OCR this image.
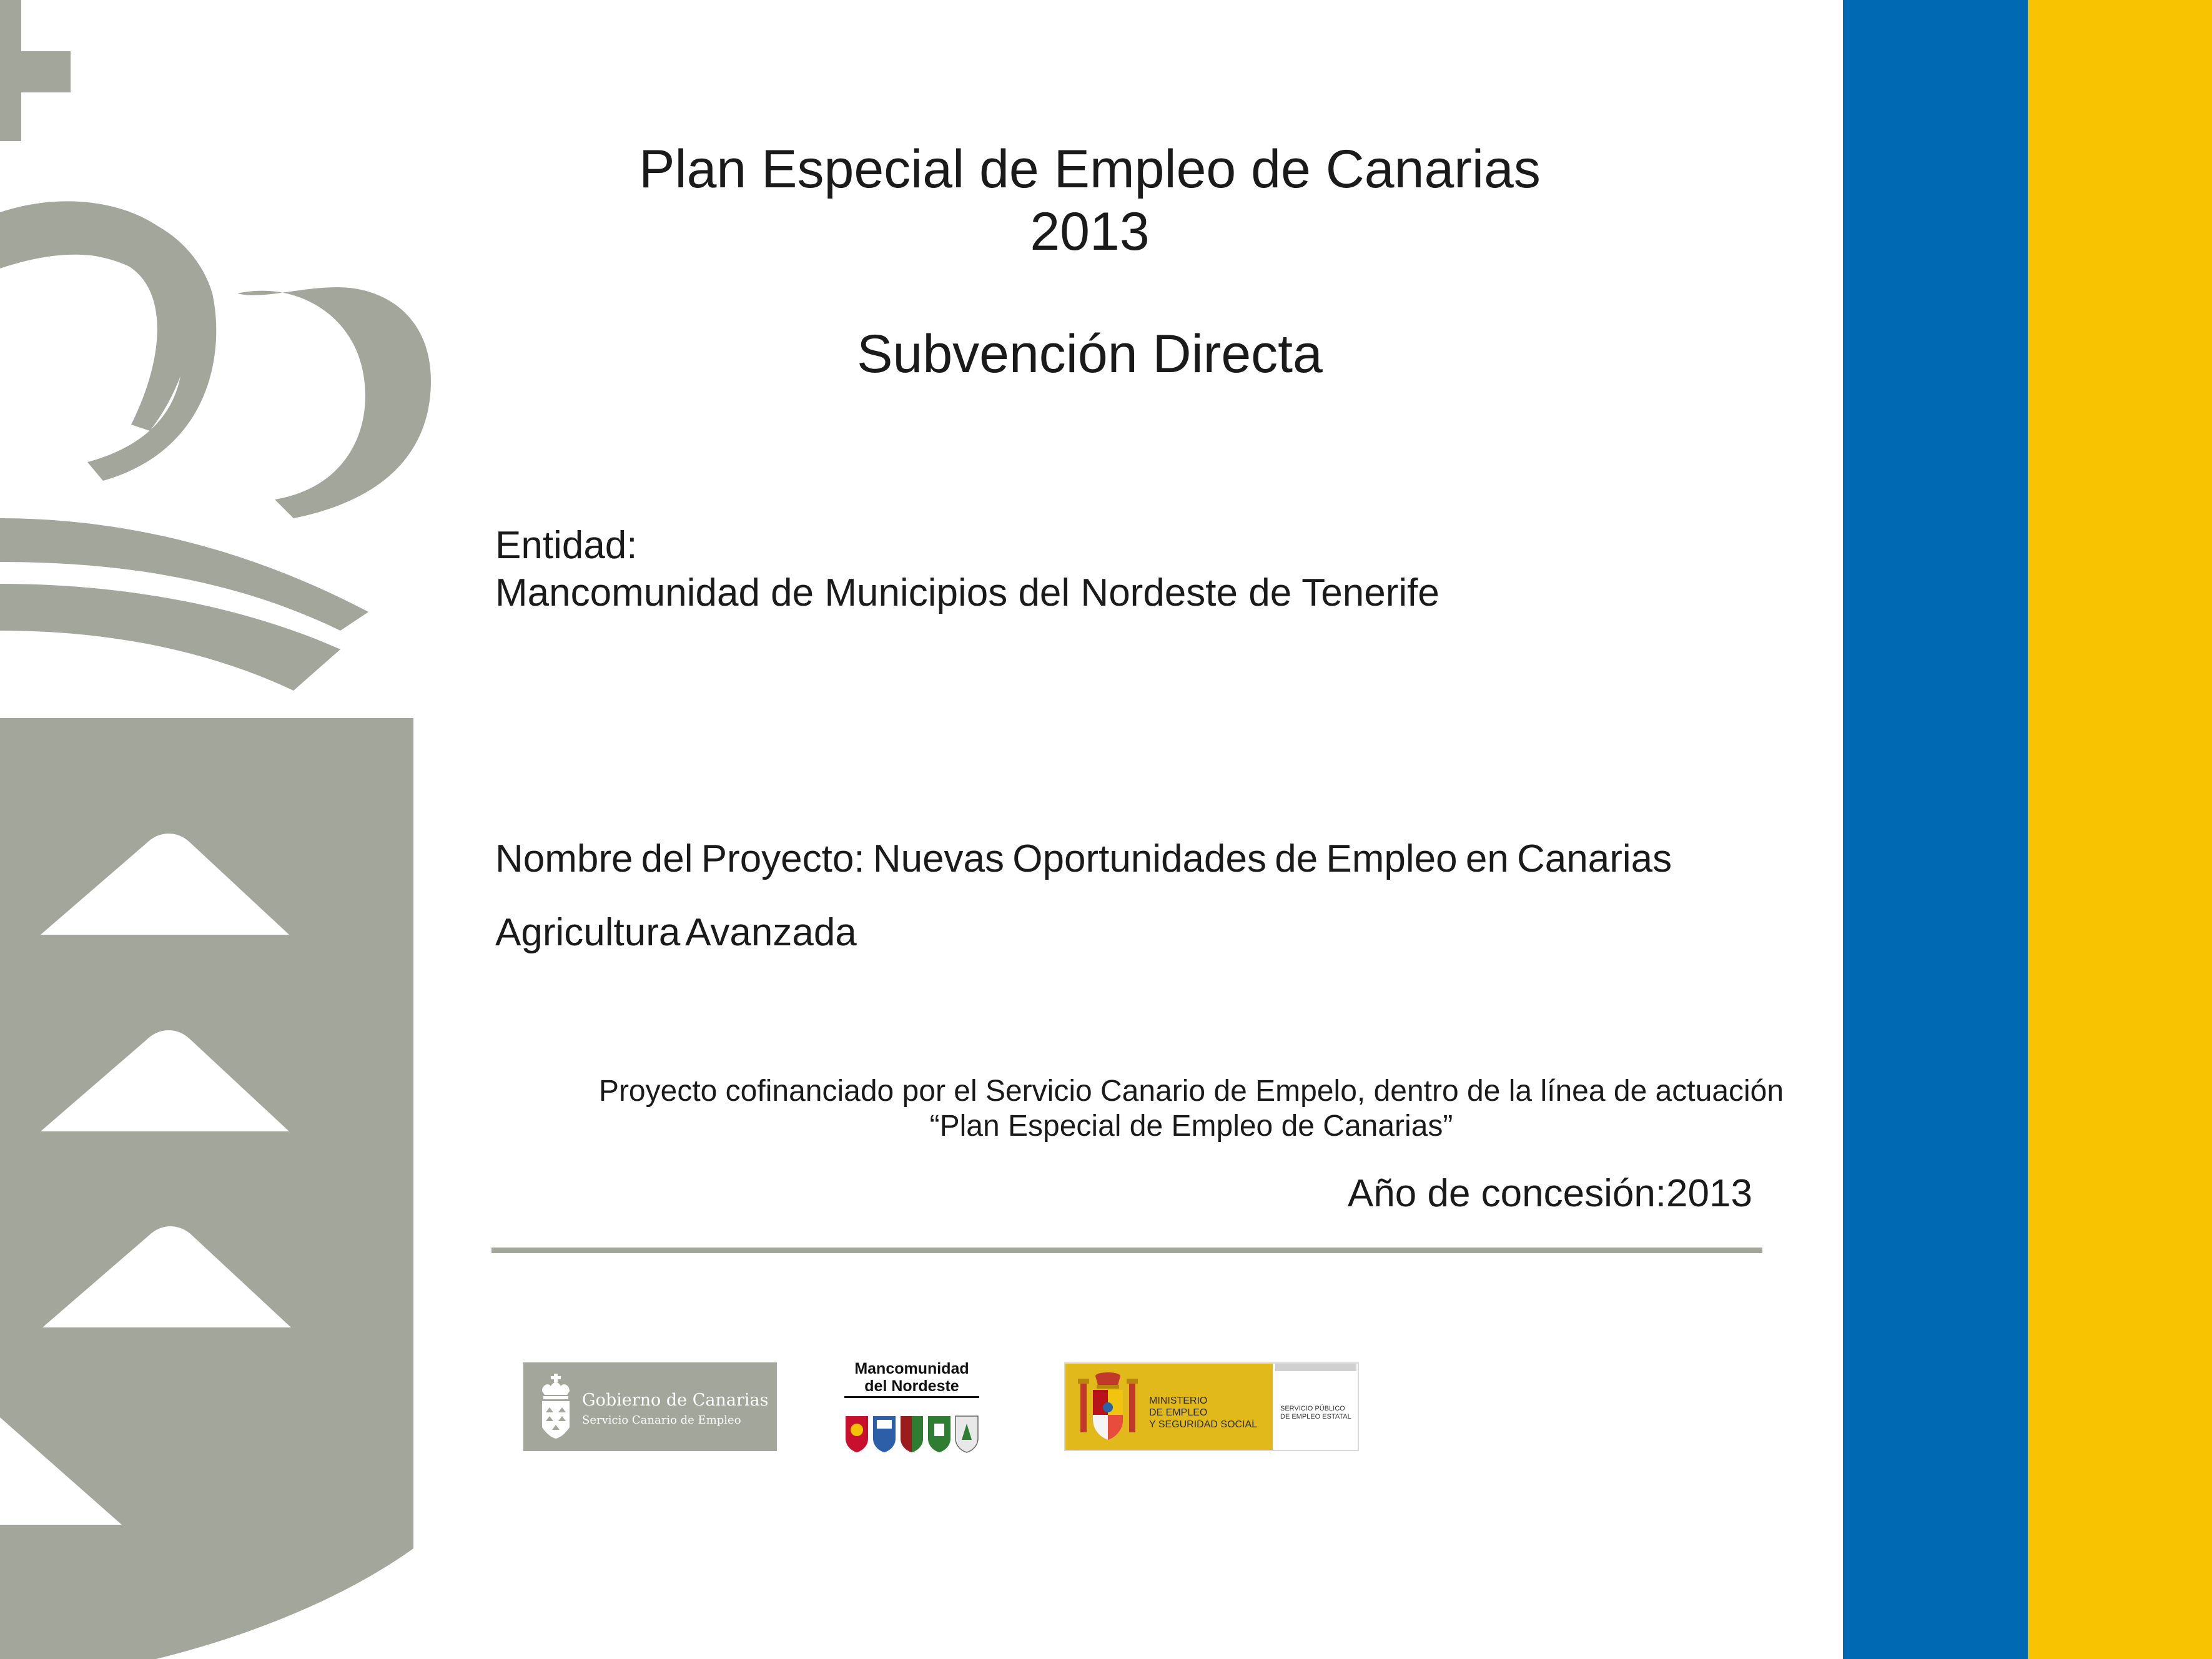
Plan Especial de Empleo de Canarias
2013
Subvención Directa
Entidad:
Mancomunidad de Municipios del Nordeste de Tenerife
Nombre del Proyecto: Nuevas Oportunidades de Empleo en Canarias
Agricultura Avanzada
Proyecto cofinanciado por el Servicio Canario de Empelo, dentro de la línea de actuación
“Plan Especial de Empleo de Canarias”
Año de concesión:2013
Gobierno de Canarias
Servicio Canario de Empleo
Mancomunidad
del Nordeste
MINISTERIO
DE EMPLEO
Y SEGURIDAD SOCIAL
SERVICIO PÚBLICO
DE EMPLEO ESTATAL
